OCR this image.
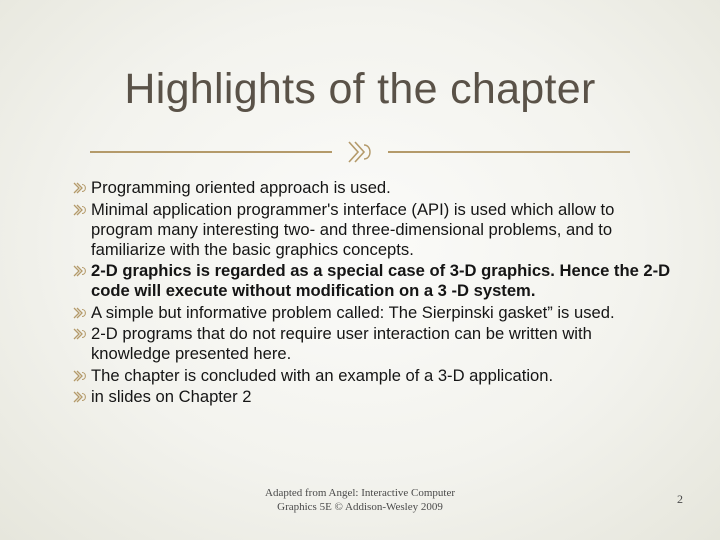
Highlights of the chapter
Programming oriented approach is used.
Minimal application programmer's interface (API) is used which allow to program many interesting two- and three-dimensional problems, and to familiarize with the basic graphics concepts.
2-D graphics is regarded as a special case of 3-D graphics. Hence the 2-D code will execute without modification on a 3 -D system.
A simple but informative problem called: The Sierpinski gasket” is used.
2-D programs that do not require user interaction can be written with knowledge presented here.
The chapter is concluded with an example of a 3-D application.
in slides on Chapter 2
Adapted from Angel: Interactive Computer
Graphics 5E © Addison-Wesley 2009
2
